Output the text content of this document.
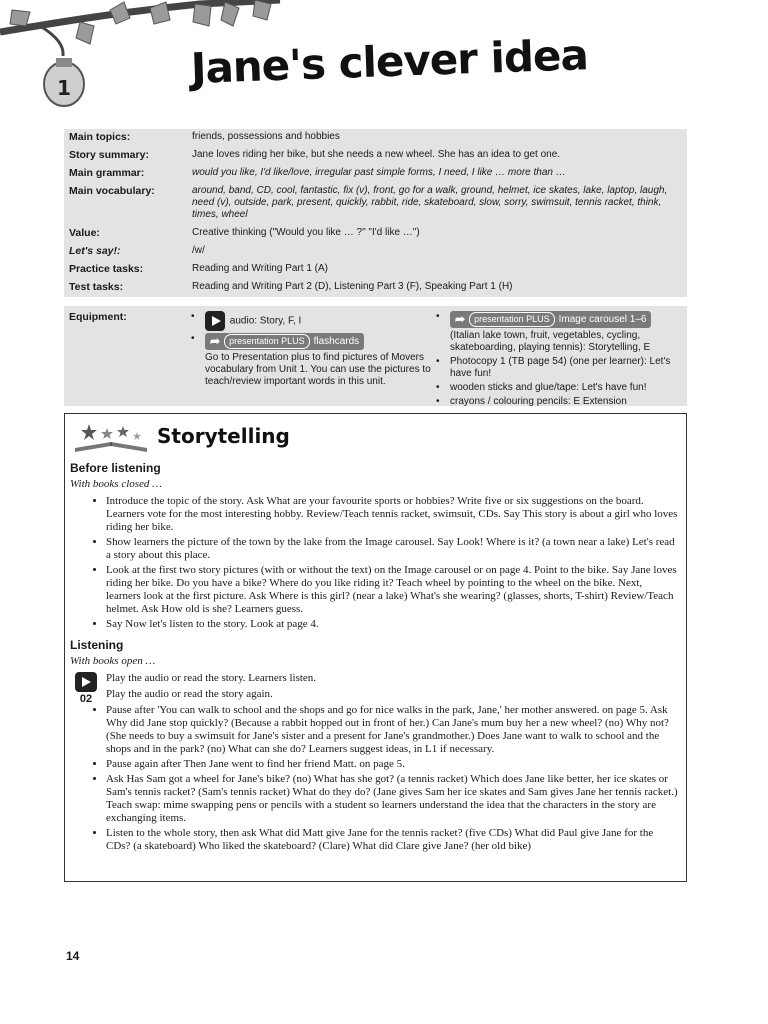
1	Jane's clever idea
Main topics:	friends, possessions and hobbies
Story summary:	Jane loves riding her bike, but she needs a new wheel. She has an idea to get one.
Main grammar:	would you like, I'd like/love, irregular past simple forms, I need, I like … more than …
Main vocabulary:	around, band, CD, cool, fantastic, fix (v), front, go for a walk, ground, helmet, ice skates, lake, laptop, laugh, need (v), outside, park, present, quickly, rabbit, ride, skateboard, slow, sorry, swimsuit, tennis racket, think, times, wheel
Value:	Creative thinking ("Would you like … ?" "I'd like …")
Let's say!:	/w/
Practice tasks:	Reading and Writing Part 1 (A)
Test tasks:	Reading and Writing Part 2 (D), Listening Part 3 (F), Speaking Part 1 (H)
Equipment:
•	audio: Story, F, I
• ➦	presentation PLUS flashcards
Go to Presentation plus to find pictures of Movers vocabulary from Unit 1. You can use the pictures to teach/review important words in this unit.
• ➦	presentation PLUS Image carousel 1–6
(Italian lake town, fruit, vegetables, cycling, skateboarding, playing tennis): Storytelling, E
• Photocopy 1 (TB page 54) (one per learner): Let's have fun!
• wooden sticks and glue/tape: Let's have fun!
• crayons / colouring pencils: E Extension
Storytelling
Before listening

With books closed …

• Introduce the topic of the story. Ask What are your favourite sports or hobbies? Write five or six suggestions on the board. Learners vote for the most interesting hobby. Review/Teach tennis racket, swimsuit, CDs. Say This story is about a girl who loves riding her bike.
• Show learners the picture of the town by the lake from the Image carousel. Say Look! Where is it? (a town near a lake) Let's read a story about this place.
• Look at the first two story pictures (with or without the text) on the Image carousel or on page 4. Point to the bike. Say Jane loves riding her bike. Do you have a bike? Where do you like riding it? Teach wheel by pointing to the wheel on the bike. Next, learners look at the first picture. Ask Where is this girl? (near a lake) What's she wearing? (glasses, shorts, T-shirt) Review/Teach helmet. Ask How old is she? Learners guess.
• Say Now let's listen to the story. Look at page 4.
Listening

With books open …

02

Play the audio or read the story. Learners listen.

Play the audio or read the story again.

• Pause after 'You can walk to school and the shops and go for nice walks in the park, Jane,' her mother answered. on page 5. Ask Why did Jane stop quickly? (Because a rabbit hopped out in front of her.) Can Jane's mum buy her a new wheel? (no) Why not? (She needs to buy a swimsuit for Jane's sister and a present for Jane's grandmother.) Does Jane want to walk to school and the shops and in the park? (no) What can she do? Learners suggest ideas, in L1 if necessary.
• Pause again after Then Jane went to find her friend Matt. on page 5.
• Ask Has Sam got a wheel for Jane's bike? (no) What has she got? (a tennis racket) Which does Jane like better, her ice skates or Sam's tennis racket? (Sam's tennis racket) What do they do? (Jane gives Sam her ice skates and Sam gives Jane her tennis racket.) Teach swap: mime swapping pens or pencils with a student so learners understand the idea that the characters in the story are exchanging items.
• Listen to the whole story, then ask What did Matt give Jane for the tennis racket? (five CDs) What did Paul give Jane for the CDs? (a skateboard) Who liked the skateboard? (Clare) What did Clare give Jane? (her old bike)
14
